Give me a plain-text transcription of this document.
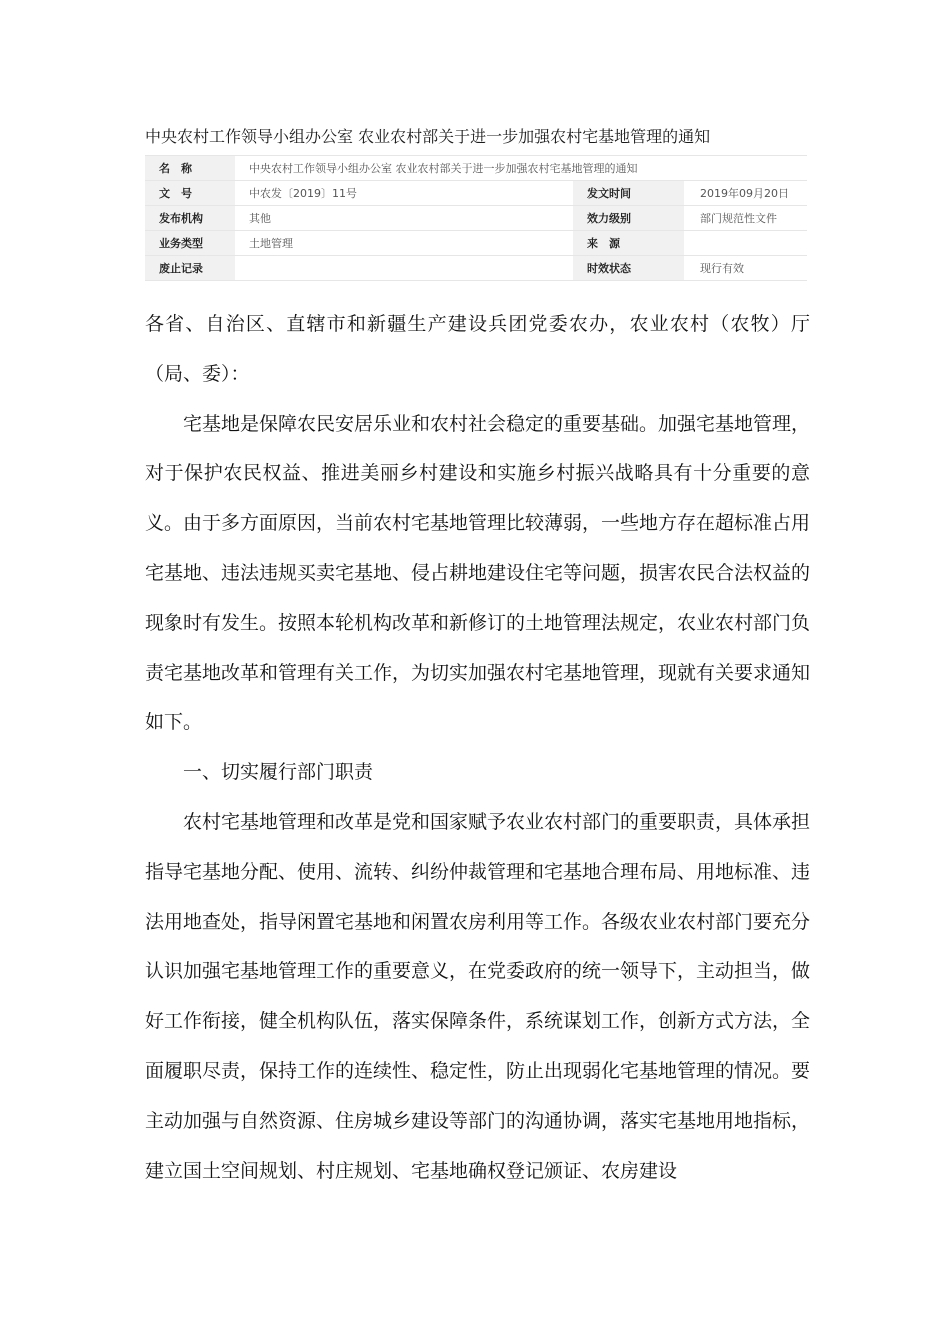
中央农村工作领导小组办公室 农业农村部关于进一步加强农村宅基地管理的通知
名　称	中央农村工作领导小组办公室 农业农村部关于进一步加强农村宅基地管理的通知		
文　号	中农发〔2019〕11号	发文时间	2019年09月20日
发布机构	其他	效力级别	部门规范性文件
业务类型	土地管理	来　源	
废止记录		时效状态	现行有效

各省、自治区、直辖市和新疆生产建设兵团党委农办，农业农村（农牧）厅（局、委）：

宅基地是保障农民安居乐业和农村社会稳定的重要基础。加强宅基地管理，对于保护农民权益、推进美丽乡村建设和实施乡村振兴战略具有十分重要的意义。由于多方面原因，当前农村宅基地管理比较薄弱，一些地方存在超标准占用宅基地、违法违规买卖宅基地、侵占耕地建设住宅等问题，损害农民合法权益的现象时有发生。按照本轮机构改革和新修订的土地管理法规定，农业农村部门负责宅基地改革和管理有关工作，为切实加强农村宅基地管理，现就有关要求通知如下。

一、切实履行部门职责

农村宅基地管理和改革是党和国家赋予农业农村部门的重要职责，具体承担指导宅基地分配、使用、流转、纠纷仲裁管理和宅基地合理布局、用地标准、违法用地查处，指导闲置宅基地和闲置农房利用等工作。各级农业农村部门要充分认识加强宅基地管理工作的重要意义，在党委政府的统一领导下，主动担当，做好工作衔接，健全机构队伍，落实保障条件，系统谋划工作，创新方式方法，全面履职尽责，保持工作的连续性、稳定性，防止出现弱化宅基地管理的情况。要主动加强与自然资源、住房城乡建设等部门的沟通协调，落实宅基地用地指标，建立国土空间规划、村庄规划、宅基地确权登记颁证、农房建设
